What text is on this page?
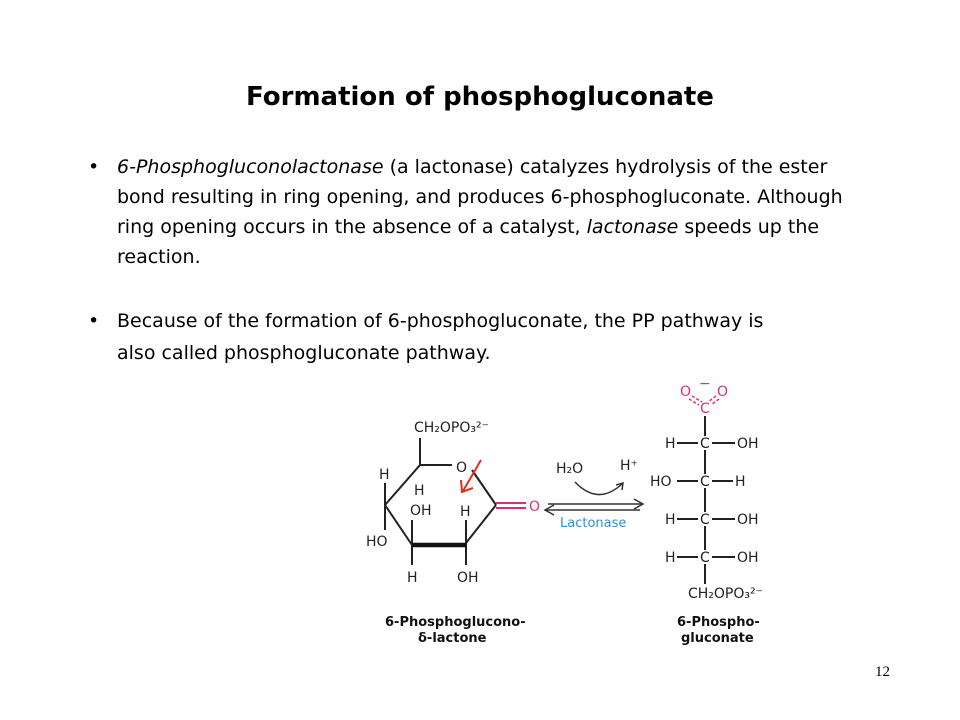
Formation of phosphogluconate
• 6-Phosphogluconolactonase (a lactonase) catalyzes hydrolysis of the ester bond resulting in ring opening, and produces 6-phosphogluconate. Although ring opening occurs in the absence of a catalyst, lactonase speeds up the reaction.
• Because of the formation of 6-phosphogluconate, the PP pathway is
also called phosphogluconate pathway.
CH₂OPO₃²⁻
O
O
H
H
OH H
HO
H	OH
H₂O	H⁺
Lactonase
O − O
C
H C OH
HO C H
H C OH
H C OH
CH₂OPO₃²⁻
6-Phosphoglucono-
δ-lactone
6-Phospho-
gluconate
12
